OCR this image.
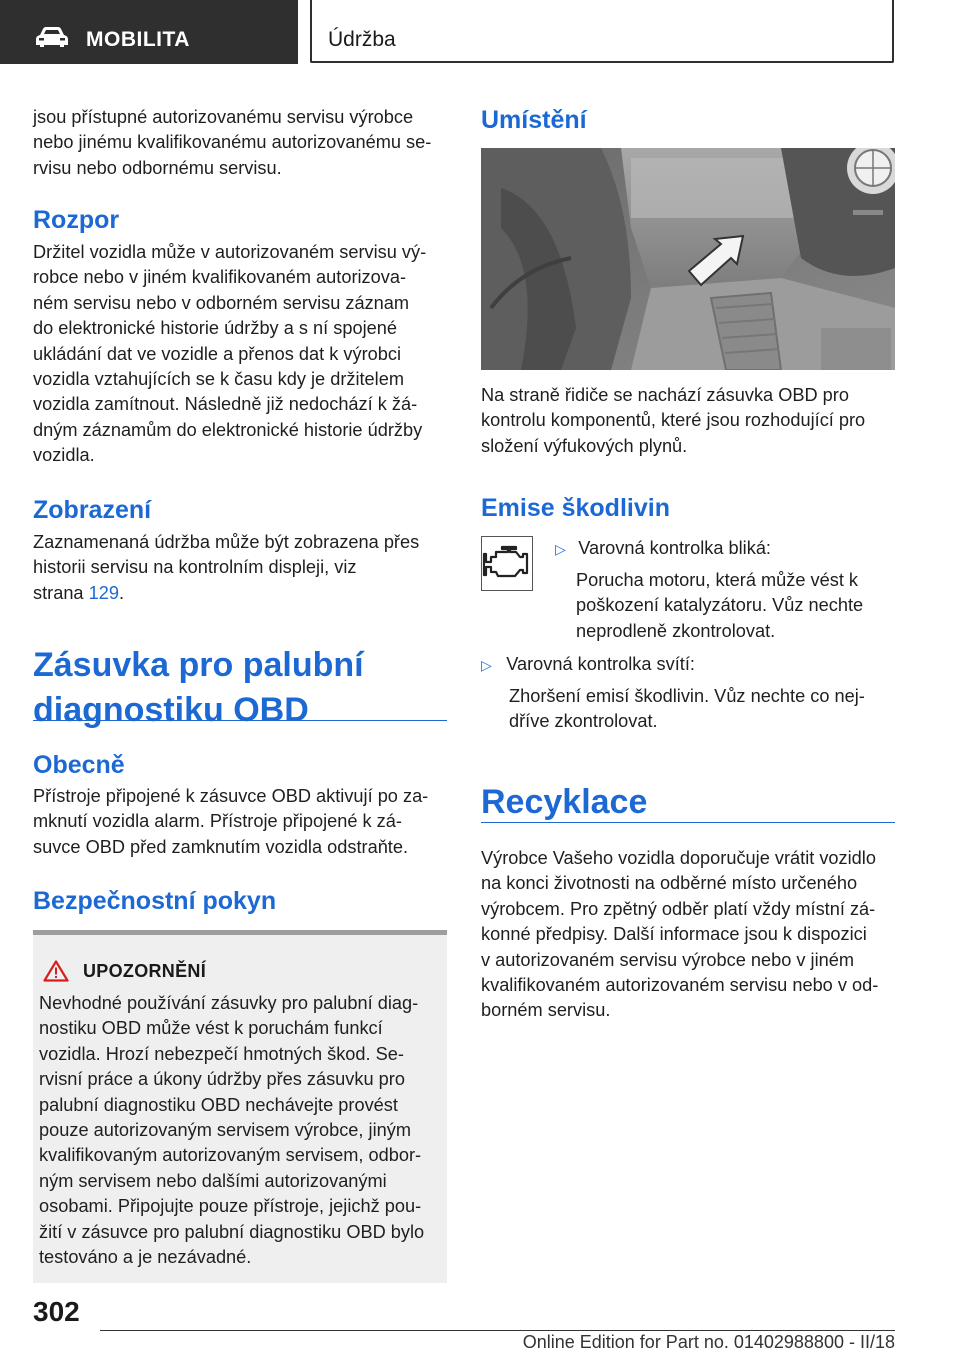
MOBILITA	Údržba

jsou přístupné autorizovanému servisu výrobce
nebo jinému kvalifikovanému autorizovanému se-
rvisu nebo odbornému servisu.

Rozpor

Držitel vozidla může v autorizovaném servisu vý-
robce nebo v jiném kvalifikovaném autorizova-
ném servisu nebo v odborném servisu záznam
do elektronické historie údržby a s ní spojené
ukládání dat ve vozidle a přenos dat k výrobci
vozidla vztahujících se k času kdy je držitelem
vozidla zamítnout. Následně již nedochází k žá-
dným záznamům do elektronické historie údržby
vozidla.

Zobrazení

Zaznamenaná údržba může být zobrazena přes
historii servisu na kontrolním displeji, viz
strana 129.

Zásuvka pro palubní
diagnostiku OBD
Obecně

Přístroje připojené k zásuvce OBD aktivují po za-
mknutí vozidla alarm. Přístroje připojené k zá-
suvce OBD před zamknutím vozidla odstraňte.

Bezpečnostní pokyn
UPOZORNĚNÍ

Nevhodné používání zásuvky pro palubní diag-
nostiku OBD může vést k poruchám funkcí
vozidla. Hrozí nebezpečí hmotných škod. Se-
rvisní práce a úkony údržby přes zásuvku pro
palubní diagnostiku OBD nechávejte provést
pouze autorizovaným servisem výrobce, jiným
kvalifikovaným autorizovaným servisem, odbor-
ným servisem nebo dalšími autorizovanými
osobami. Připojujte pouze přístroje, jejichž pou-
žití v zásuvce pro palubní diagnostiku OBD bylo
testováno a je nezávadné.

Umístění

Na straně řidiče se nachází zásuvka OBD pro
kontrolu komponentů, které jsou rozhodující pro
složení výfukových plynů.

Emise škodlivin
▷ Varovná kontrolka bliká:

Porucha motoru, která může vést k
poškození katalyzátoru. Vůz nechte
neprodleně zkontrolovat.

▷ Varovná kontrolka svítí:

Zhoršení emisí škodlivin. Vůz nechte co nej-
dříve zkontrolovat.

Recyklace

Výrobce Vašeho vozidla doporučuje vrátit vozidlo
na konci životnosti na odběrné místo určeného
výrobcem. Pro zpětný odběr platí vždy místní zá-
konné předpisy. Další informace jsou k dispozici
v autorizovaném servisu výrobce nebo v jiném
kvalifikovaném autorizovaném servisu nebo v od-
borném servisu.

302
Online Edition for Part no. 01402988800 - II/18
